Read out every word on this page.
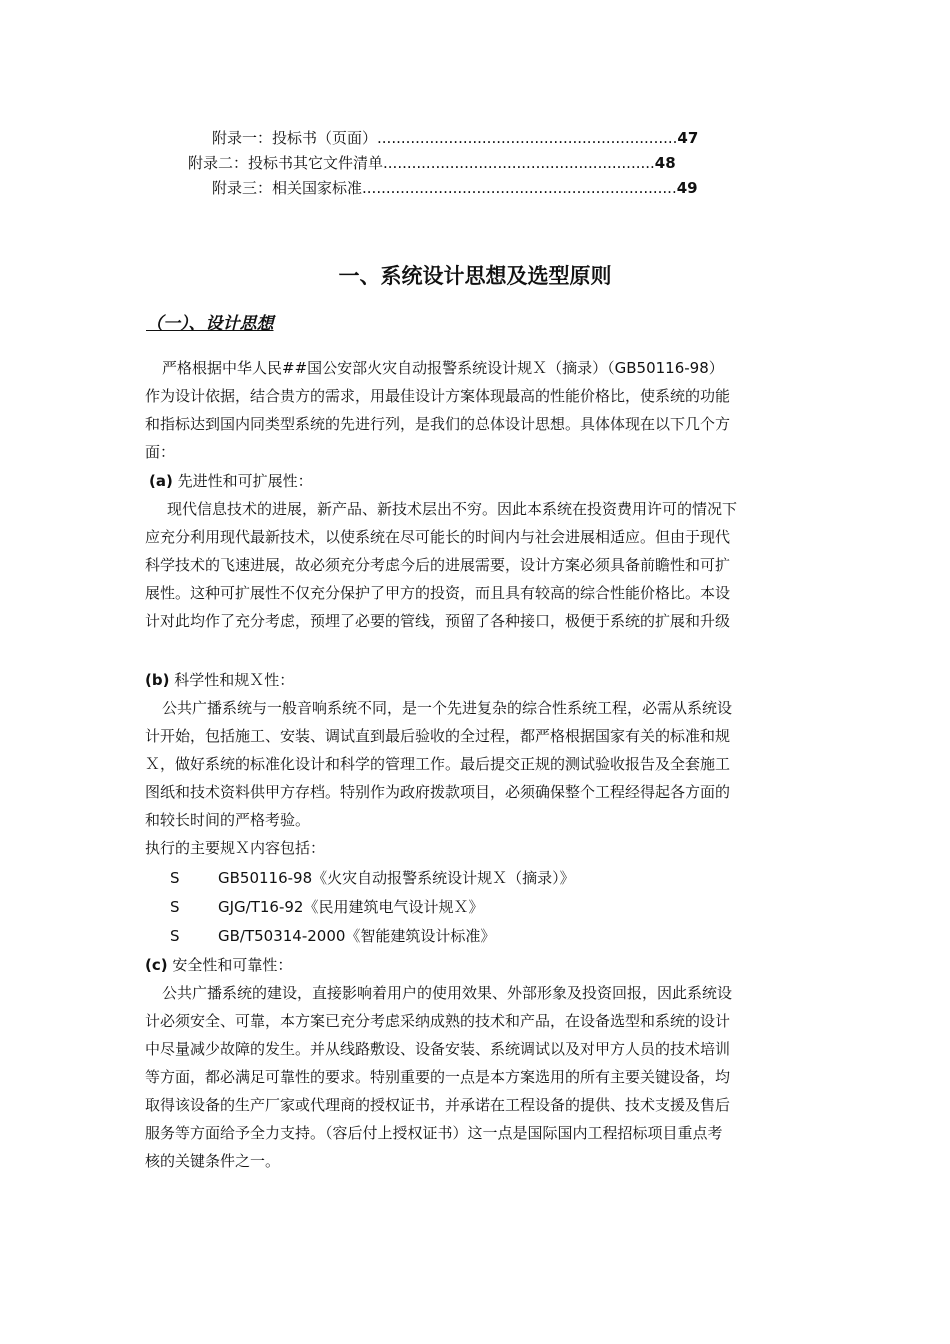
附录一：投标书（页面）...............................................................47
附录二：投标书其它文件清单.........................................................48
附录三：相关国家标准..................................................................49
一、系统设计思想及选型原则
（一）、设计思想
严格根据中华人民##国公安部火灾自动报警系统设计规Ｘ（摘录）（GB50116-98）
作为设计依据，结合贵方的需求，用最佳设计方案体现最高的性能价格比，使系统的功能
和指标达到国内同类型系统的先进行列，是我们的总体设计思想。具体体现在以下几个方
面：
(a) 先进性和可扩展性：
现代信息技术的进展，新产品、新技术层出不穷。因此本系统在投资费用许可的情况下
应充分利用现代最新技术，以使系统在尽可能长的时间内与社会进展相适应。但由于现代
科学技术的飞速进展，故必须充分考虑今后的进展需要，设计方案必须具备前瞻性和可扩
展性。这种可扩展性不仅充分保护了甲方的投资，而且具有较高的综合性能价格比。本设
计对此均作了充分考虑，预埋了必要的管线，预留了各种接口，极便于系统的扩展和升级
(b) 科学性和规Ｘ性：
公共广播系统与一般音响系统不同，是一个先进复杂的综合性系统工程，必需从系统设
计开始，包括施工、安装、调试直到最后验收的全过程，都严格根据国家有关的标准和规
Ｘ，做好系统的标准化设计和科学的管理工作。最后提交正规的测试验收报告及全套施工
图纸和技术资料供甲方存档。特别作为政府拨款项目，必须确保整个工程经得起各方面的
和较长时间的严格考验。
执行的主要规Ｘ内容包括：
S	GB50116-98《火灾自动报警系统设计规Ｘ（摘录）》
S	GJG/T16-92《民用建筑电气设计规Ｘ》
S	GB/T50314-2000《智能建筑设计标准》
(c) 安全性和可靠性：
公共广播系统的建设，直接影响着用户的使用效果、外部形象及投资回报，因此系统设
计必须安全、可靠，本方案已充分考虑采纳成熟的技术和产品，在设备选型和系统的设计
中尽量减少故障的发生。并从线路敷设、设备安装、系统调试以及对甲方人员的技术培训
等方面，都必满足可靠性的要求。特别重要的一点是本方案选用的所有主要关键设备，均
取得该设备的生产厂家或代理商的授权证书，并承诺在工程设备的提供、技术支援及售后
服务等方面给予全力支持。（容后付上授权证书）这一点是国际国内工程招标项目重点考
核的关键条件之一。
